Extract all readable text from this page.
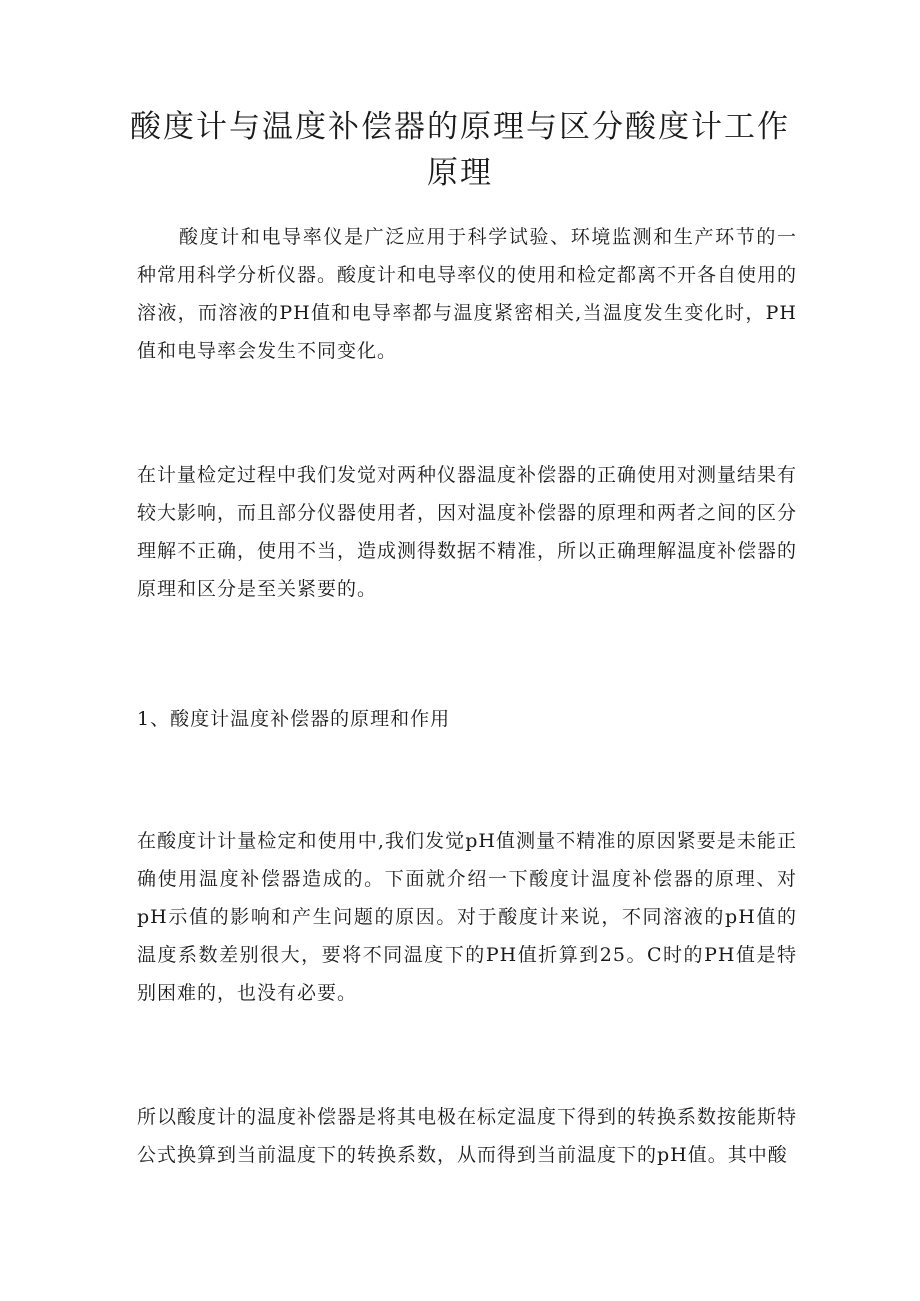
酸度计与温度补偿器的原理与区分酸度计工作原理

酸度计和电导率仪是广泛应用于科学试验、环境监测和生产环节的一种常用科学分析仪器。酸度计和电导率仪的使用和检定都离不开各自使用的溶液，而溶液的PH值和电导率都与温度紧密相关,当温度发生变化时，PH值和电导率会发生不同变化。

在计量检定过程中我们发觉对两种仪器温度补偿器的正确使用对测量结果有较大影响，而且部分仪器使用者，因对温度补偿器的原理和两者之间的区分理解不正确，使用不当，造成测得数据不精准，所以正确理解温度补偿器的原理和区分是至关紧要的。

1、酸度计温度补偿器的原理和作用

在酸度计计量检定和使用中,我们发觉pH值测量不精准的原因紧要是未能正确使用温度补偿器造成的。下面就介绍一下酸度计温度补偿器的原理、对pH示值的影响和产生问题的原因。对于酸度计来说，不同溶液的pH值的温度系数差别很大，要将不同温度下的PH值折算到25。C时的PH值是特别困难的，也没有必要。

所以酸度计的温度补偿器是将其电极在标定温度下得到的转换系数按能斯特公式换算到当前温度下的转换系数，从而得到当前温度下的pH值。其中酸
